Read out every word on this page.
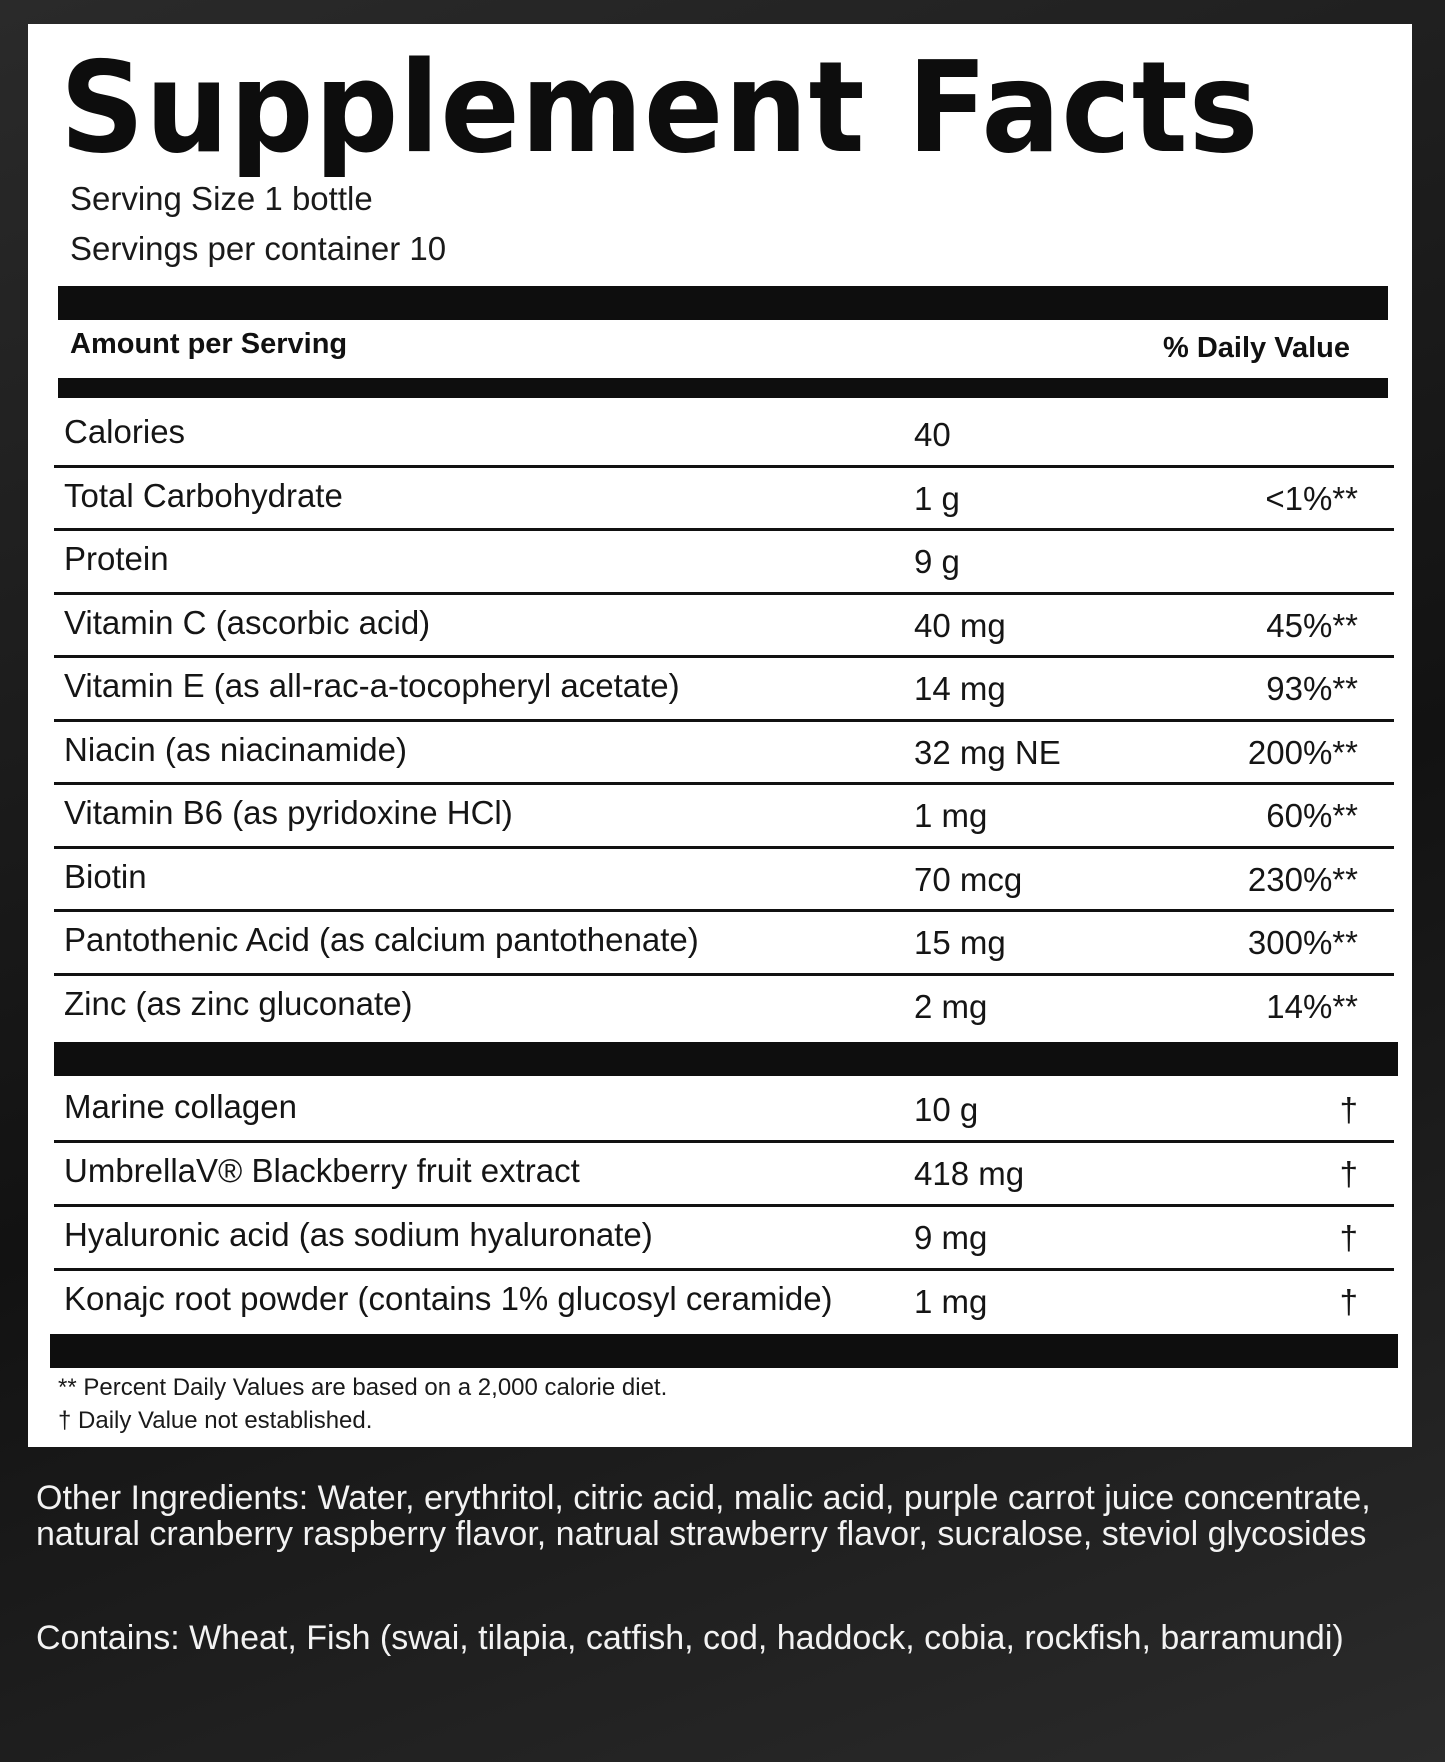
Supplement Facts
Serving Size 1 bottle
Servings per container 10
Amount per Serving	% Daily Value
Calories	40
Total Carbohydrate	1 g	<1%**
Protein	9 g
Vitamin C (ascorbic acid)	40 mg	45%**
Vitamin E (as all-rac-a-tocopheryl acetate)	14 mg	93%**
Niacin (as niacinamide)	32 mg NE	200%**
Vitamin B6 (as pyridoxine HCl)	1 mg	60%**
Biotin	70 mcg	230%**
Pantothenic Acid (as calcium pantothenate)	15 mg	300%**
Zinc (as zinc gluconate)	2 mg	14%**
Marine collagen	10 g	†
UmbrellaV® Blackberry fruit extract	418 mg	†
Hyaluronic acid (as sodium hyaluronate)	9 mg	†
Konajc root powder (contains 1% glucosyl ceramide) 1 mg	†
** Percent Daily Values are based on a 2,000 calorie diet.
† Daily Value not established.

Other Ingredients: Water, erythritol, citric acid, malic acid, purple carrot juice concentrate, natural cranberry raspberry flavor, natrual strawberry flavor, sucralose, steviol glycosides

Contains: Wheat, Fish (swai, tilapia, catfish, cod, haddock, cobia, rockfish, barramundi)
